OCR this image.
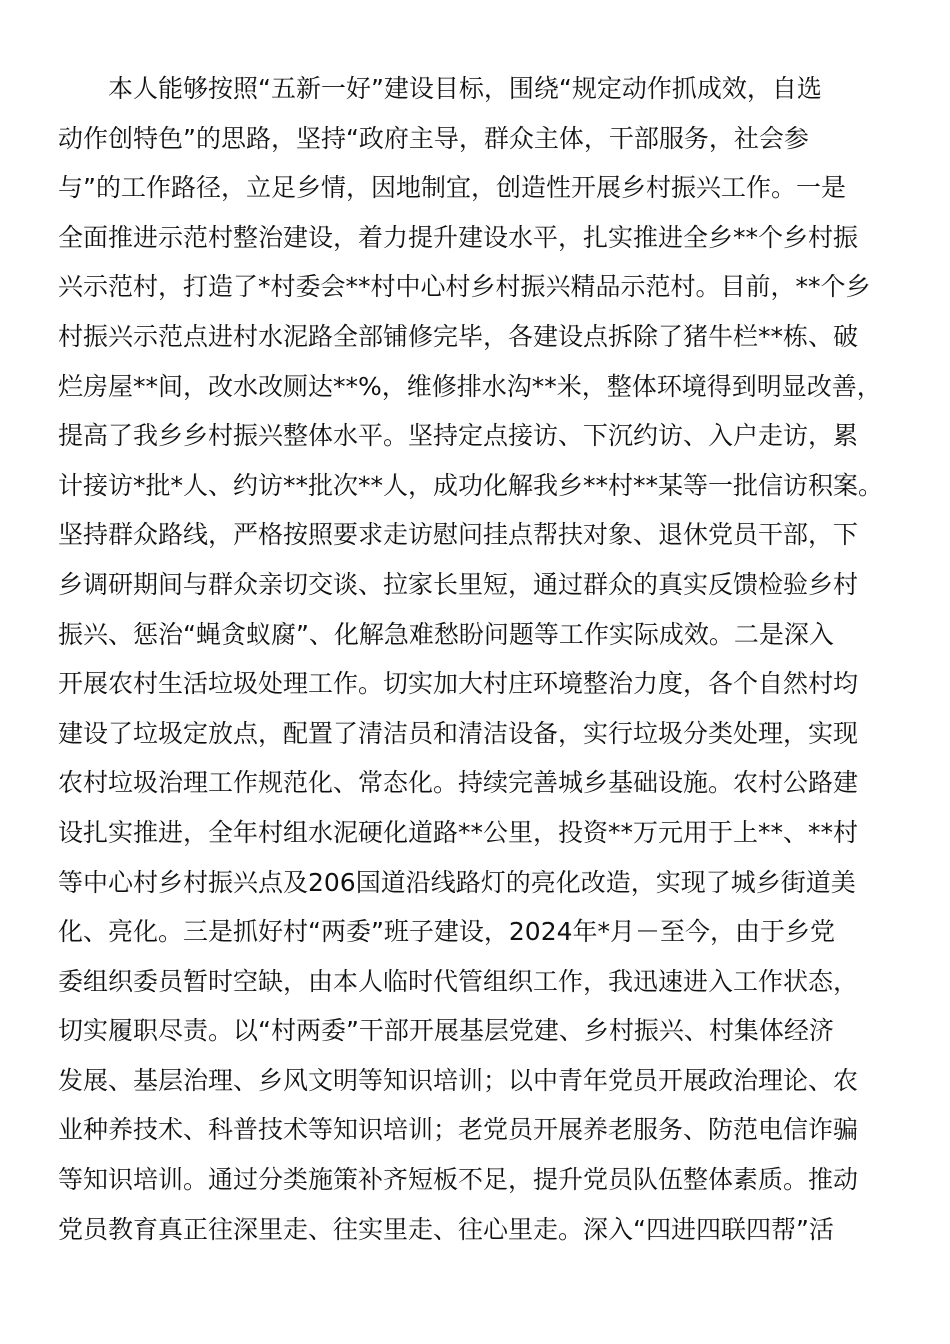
本人能够按照“五新一好”建设目标，围绕“规定动作抓成效，自选
动作创特色”的思路，坚持“政府主导，群众主体，干部服务，社会参
与”的工作路径，立足乡情，因地制宜，创造性开展乡村振兴工作。一是
全面推进示范村整治建设，着力提升建设水平，扎实推进全乡**个乡村振
兴示范村，打造了*村委会**村中心村乡村振兴精品示范村。目前，**个乡
村振兴示范点进村水泥路全部铺修完毕，各建设点拆除了猪牛栏**栋、破
烂房屋**间，改水改厕达**%，维修排水沟**米，整体环境得到明显改善，
提高了我乡乡村振兴整体水平。坚持定点接访、下沉约访、入户走访，累
计接访*批*人、约访**批次**人，成功化解我乡**村**某等一批信访积案。
坚持群众路线，严格按照要求走访慰问挂点帮扶对象、退休党员干部，下
乡调研期间与群众亲切交谈、拉家长里短，通过群众的真实反馈检验乡村
振兴、惩治“蝇贪蚁腐”、化解急难愁盼问题等工作实际成效。二是深入
开展农村生活垃圾处理工作。切实加大村庄环境整治力度，各个自然村均
建设了垃圾定放点，配置了清洁员和清洁设备，实行垃圾分类处理，实现
农村垃圾治理工作规范化、常态化。持续完善城乡基础设施。农村公路建
设扎实推进，全年村组水泥硬化道路**公里，投资**万元用于上**、**村
等中心村乡村振兴点及206国道沿线路灯的亮化改造，实现了城乡街道美
化、亮化。三是抓好村“两委”班子建设，2024年*月－至今，由于乡党
委组织委员暂时空缺，由本人临时代管组织工作，我迅速进入工作状态，
切实履职尽责。以“村两委”干部开展基层党建、乡村振兴、村集体经济
发展、基层治理、乡风文明等知识培训；以中青年党员开展政治理论、农
业种养技术、科普技术等知识培训；老党员开展养老服务、防范电信诈骗
等知识培训。通过分类施策补齐短板不足，提升党员队伍整体素质。推动
党员教育真正往深里走、往实里走、往心里走。深入“四进四联四帮”活
